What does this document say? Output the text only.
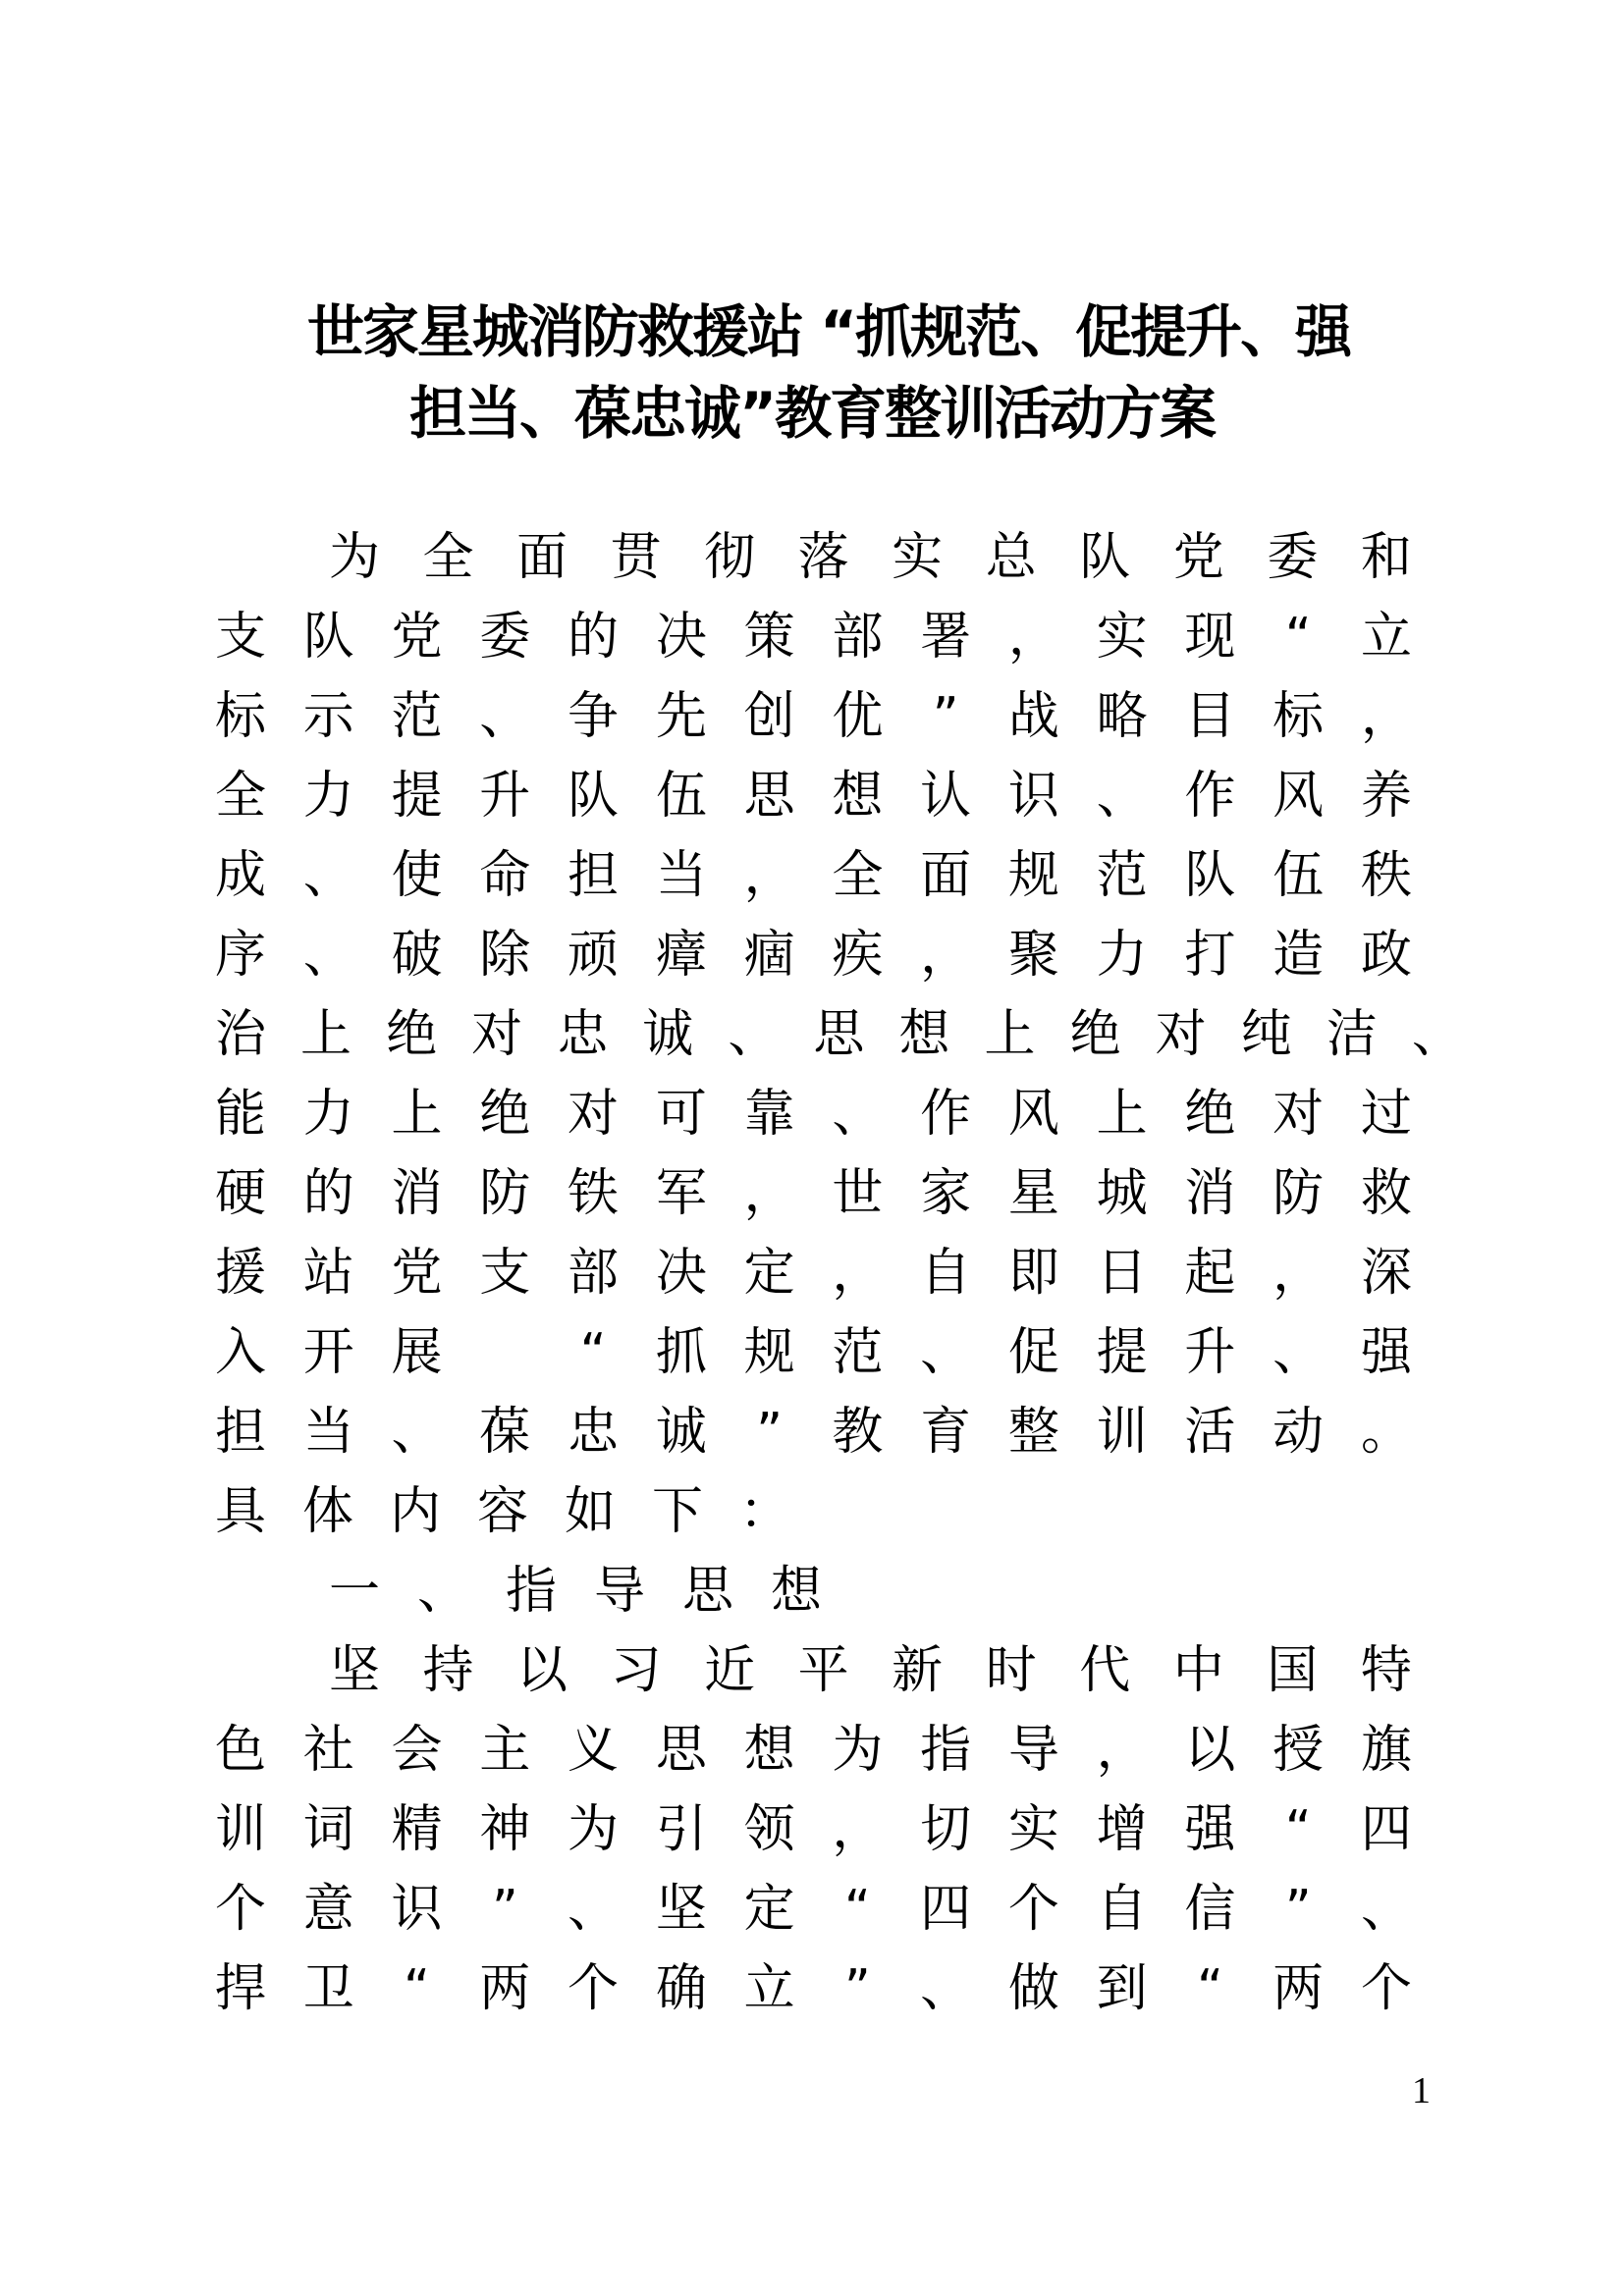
世家星城消防救援站 “抓规范、促提升、强
担当、葆忠诚”教育整训活动方案
为 全 面 贯 彻 落 实 总 队 党 委 和
支 队 党 委 的 决 策 部 署 ， 实 现 “ 立
标 示 范 、 争 先 创 优 ” 战 略 目 标 ，
全 力 提 升 队 伍 思 想 认 识 、 作 风 养
成 、 使 命 担 当 ， 全 面 规 范 队 伍 秩
序 、 破 除 顽 瘴 痼 疾 ， 聚 力 打 造 政
治 上 绝 对 忠 诚 、 思 想 上 绝 对 纯 洁 、
能 力 上 绝 对 可 靠 、 作 风 上 绝 对 过
硬 的 消 防 铁 军 ， 世 家 星 城 消 防 救
援 站 党 支 部 决 定 ， 自 即 日 起 ， 深
入 开 展
	“ 抓 规 范 、 促 提 升 、 强
担 当 、 葆 忠 诚 ” 教 育 整 训 活 动 。
具 体 内 容 如 下 ：
一 、 指 导 思 想
坚 持 以 习 近 平 新 时 代 中 国 特
色 社 会 主 义 思 想 为 指 导 ， 以 授 旗
训 词 精 神 为 引 领 ， 切 实 增 强 “ 四
个 意 识 ” 、 坚 定 “ 四 个 自 信 ” 、
捍 卫 “ 两 个 确 立 ” 、 做 到 “ 两 个
1
